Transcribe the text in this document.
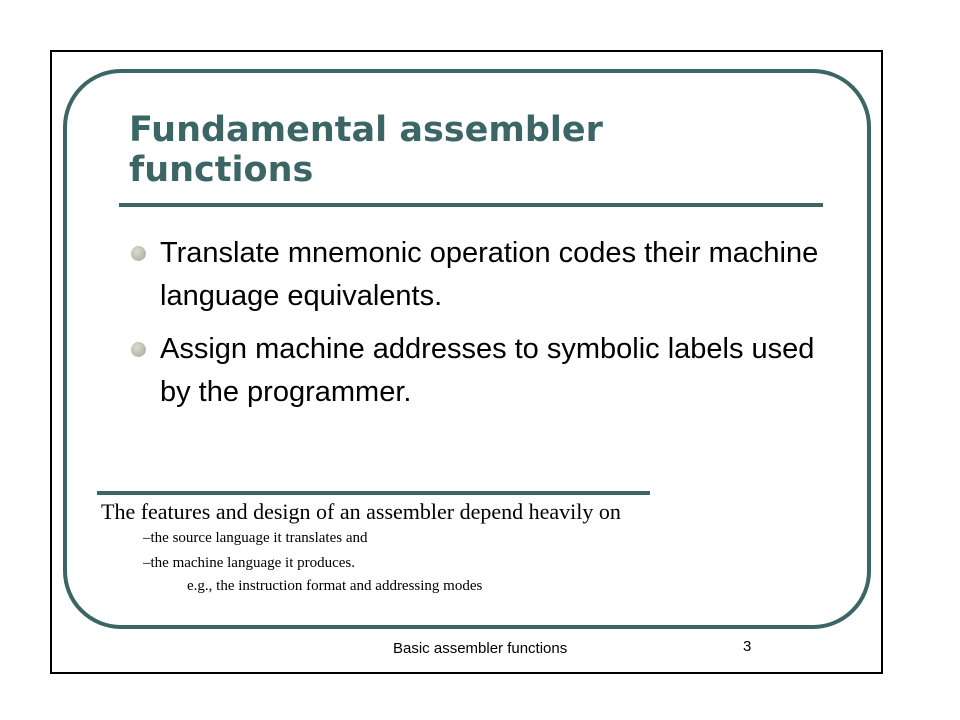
Fundamental assembler functions
Translate mnemonic operation codes their machine language equivalents.
Assign machine addresses to symbolic labels used by the programmer.
The features and design of an assembler depend heavily on
–the source language it translates and
–the machine language it produces.
e.g., the instruction format and addressing modes
Basic assembler functions	3
